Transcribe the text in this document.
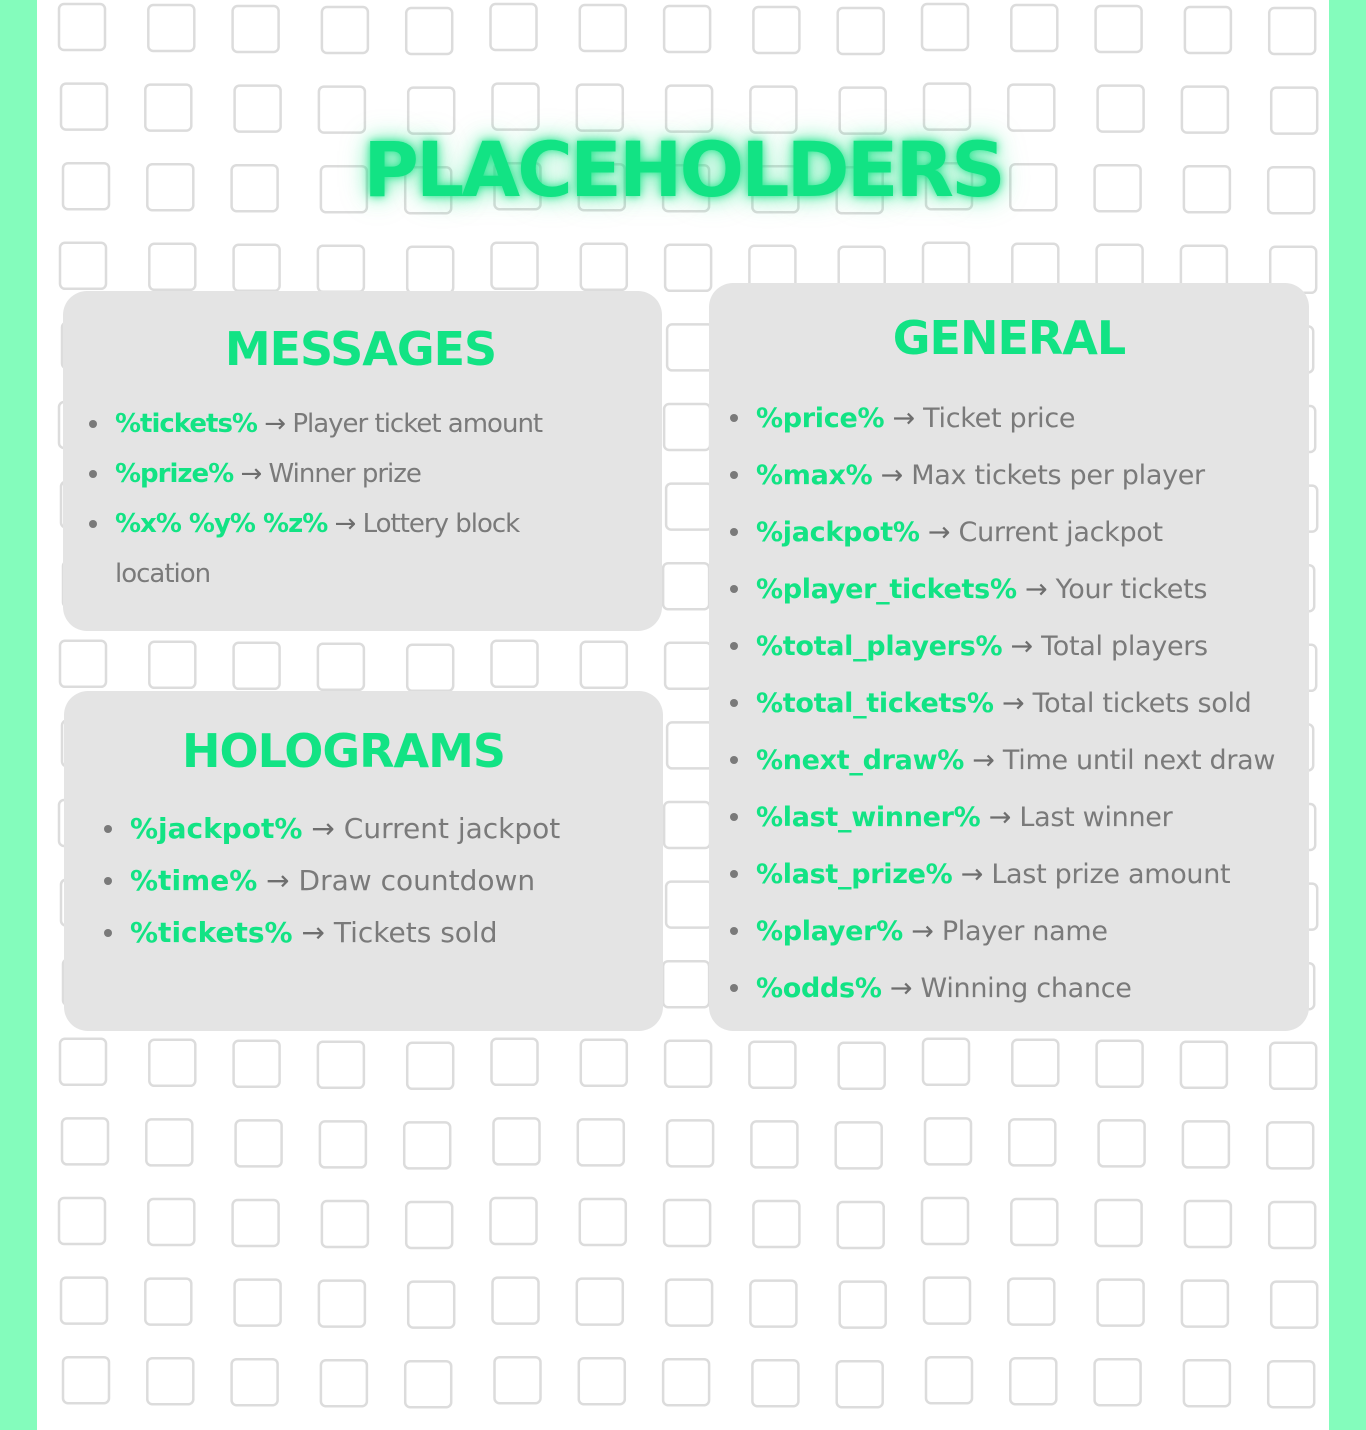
PLACEHOLDERS
MESSAGES
%tickets% → Player ticket amount
%prize% → Winner prize
%x% %y% %z% → Lottery block location
HOLOGRAMS
%jackpot% → Current jackpot
%time% → Draw countdown
%tickets% → Tickets sold
GENERAL
%price% → Ticket price
%max% → Max tickets per player
%jackpot% → Current jackpot
%player_tickets% → Your tickets
%total_players% → Total players
%total_tickets% → Total tickets sold
%next_draw% → Time until next draw
%last_winner% → Last winner
%last_prize% → Last prize amount
%player% → Player name
%odds% → Winning chance
